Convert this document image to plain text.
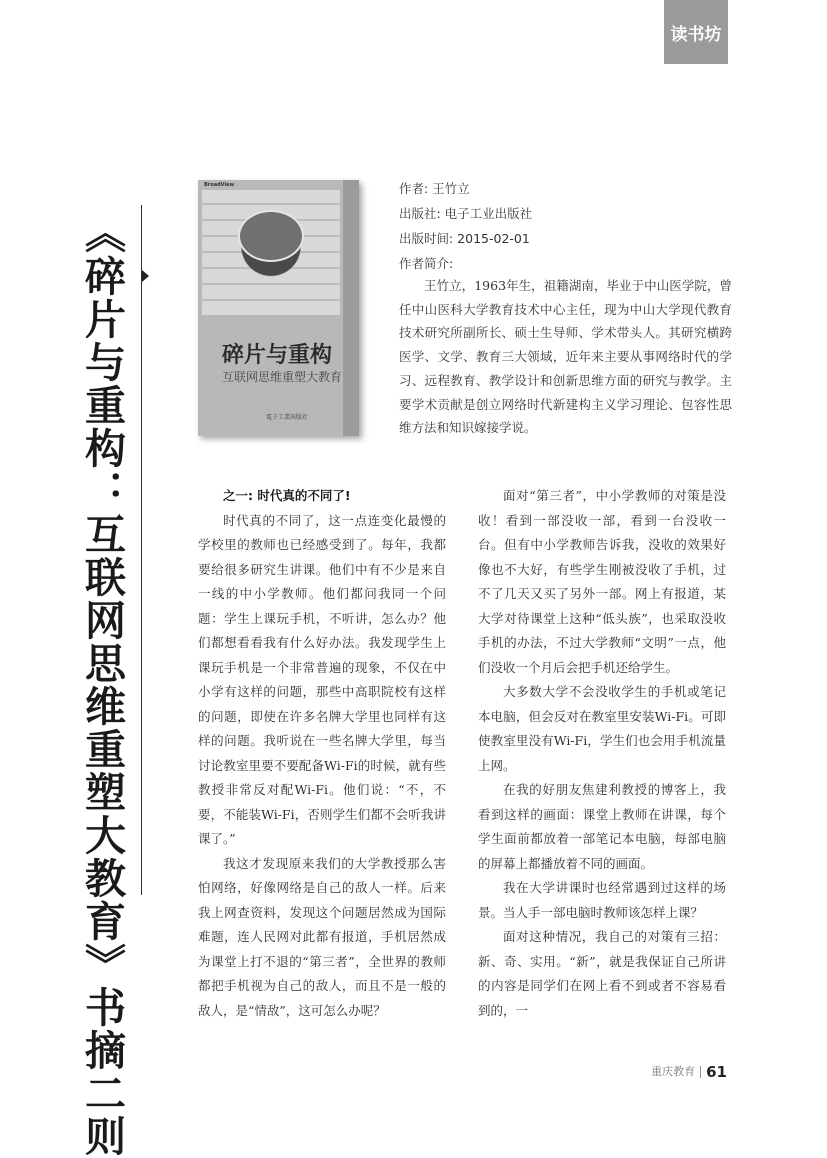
读书坊
《碎片与重构：互联网思维重塑大教育》书摘二则
BroadView
碎片与重构
互联网思维重塑大教育
電子工業出版社
作者: 王竹立
出版社: 电子工业出版社
出版时间: 2015-02-01
作者简介:
王竹立，1963年生，祖籍湖南，毕业于中山医学院，曾任中山医科大学教育技术中心主任，现为中山大学现代教育技术研究所副所长、硕士生导师、学术带头人。其研究横跨医学、文学、教育三大领域，近年来主要从事网络时代的学习、远程教育、教学设计和创新思维方面的研究与教学。主要学术贡献是创立网络时代新建构主义学习理论、包容性思维方法和知识嫁接学说。
之一: 时代真的不同了!

时代真的不同了，这一点连变化最慢的学校里的教师也已经感受到了。每年，我都要给很多研究生讲课。他们中有不少是来自一线的中小学教师。他们都问我同一个问题：学生上课玩手机，不听讲，怎么办？他们都想看看我有什么好办法。我发现学生上课玩手机是一个非常普遍的现象，不仅在中小学有这样的问题，那些中高职院校有这样的问题，即使在许多名牌大学里也同样有这样的问题。我听说在一些名牌大学里，每当讨论教室里要不要配备Wi-Fi的时候，就有些教授非常反对配Wi-Fi。他们说：“不，不要，不能装Wi-Fi，否则学生们都不会听我讲课了。”

我这才发现原来我们的大学教授那么害怕网络，好像网络是自己的敌人一样。后来我上网查资料，发现这个问题居然成为国际难题，连人民网对此都有报道，手机居然成为课堂上打不退的“第三者”，全世界的教师都把手机视为自己的敌人，而且不是一般的敌人，是“情敌”，这可怎么办呢？

面对“第三者”，中小学教师的对策是没收！看到一部没收一部，看到一台没收一台。但有中小学教师告诉我，没收的效果好像也不大好，有些学生刚被没收了手机，过不了几天又买了另外一部。网上有报道，某大学对待课堂上这种“低头族”，也采取没收手机的办法，不过大学教师“文明”一点，他们没收一个月后会把手机还给学生。

大多数大学不会没收学生的手机或笔记本电脑，但会反对在教室里安装Wi-Fi。可即使教室里没有Wi-Fi，学生们也会用手机流量上网。

在我的好朋友焦建利教授的博客上，我看到这样的画面：课堂上教师在讲课，每个学生面前都放着一部笔记本电脑，每部电脑的屏幕上都播放着不同的画面。

我在大学讲课时也经常遇到过这样的场景。当人手一部电脑时教师该怎样上课？

面对这种情况，我自己的对策有三招：新、奇、实用。“新”，就是我保证自己所讲的内容是同学们在网上看不到或者不容易看到的，一

重庆教育 61
